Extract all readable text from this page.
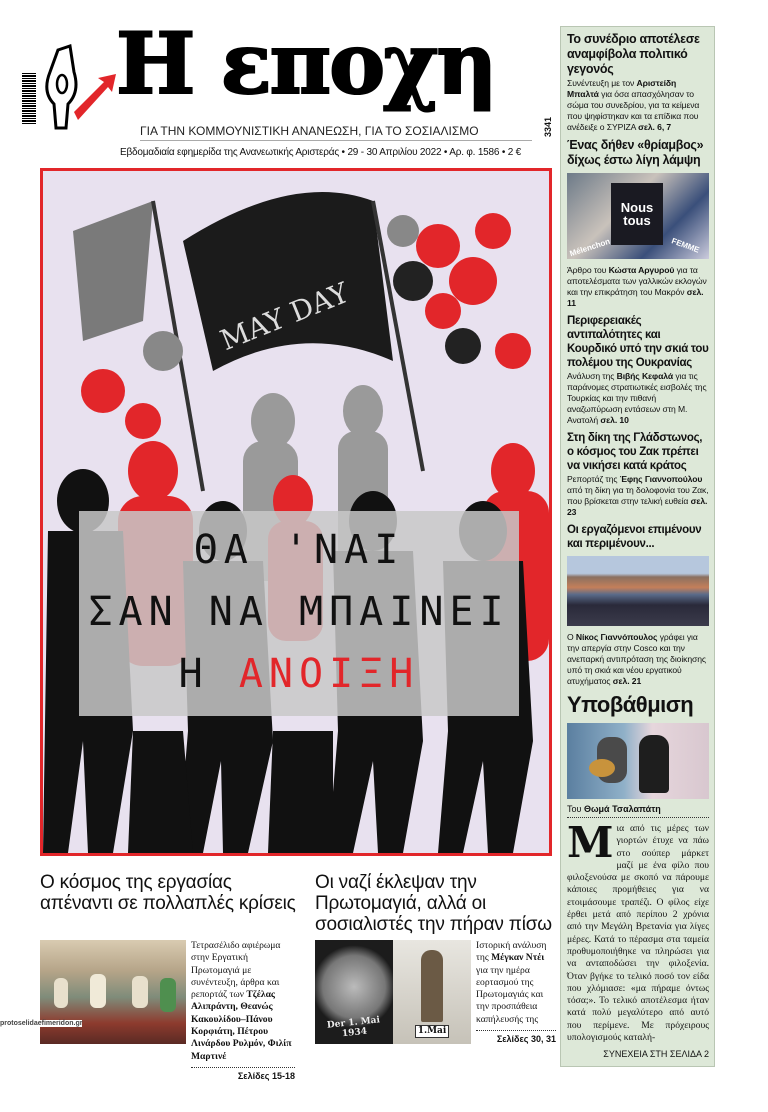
Η εποχη
ΓΙΑ ΤΗΝ ΚΟΜΜΟΥΝΙΣΤΙΚΗ ΑΝΑΝΕΩΣΗ, ΓΙΑ ΤΟ ΣΟΣΙΑΛΙΣΜΟ	3341
Εβδομαδιαία εφημερίδα της Ανανεωτικής Αριστεράς • 29 - 30 Απριλίου 2022 • Αρ. φ. 1586 • 2 €
MAY DAY
ΘΑ 'ΝΑΙ
ΣΑΝ ΝΑ ΜΠΑΙΝΕΙ
Η ΑΝΟΙΞΗ
Το συνέδριο αποτέλεσε αναμφίβολα πολιτικό γεγονός
Συνέντευξη με τον Αριστείδη Μπαλτά για όσα απασχόλησαν το σώμα του συνεδρίου, για τα κείμενα που ψηφίστηκαν και τα επίδικα που ανέδειξε ο ΣΥΡΙΖΑ σελ. 6, 7
Ένας δήθεν «θρίαμβος» δίχως έστω λίγη λάμψη
Nous
tous
Mélenchon	FEMME
Άρθρο του Κώστα Αργυρού για τα αποτελέσματα των γαλλικών εκλογών και την επικράτηση του Μακρόν σελ. 11
Περιφερειακές αντιπαλότητες και Κουρδικό υπό την σκιά του πολέμου της Ουκρανίας
Ανάλυση της Βιβής Κεφαλά για τις παράνομες στρατιωτικές εισβολές της Τουρκίας και την πιθανή αναζωπύρωση εντάσεων στη Μ. Ανατολή σελ. 10
Στη δίκη της Γλάδστωνος, ο κόσμος του Ζακ πρέπει να νικήσει κατά κράτος
Ρεπορτάζ της Έφης Γιαννοπούλου από τη δίκη για τη δολοφονία του Ζακ, που βρίσκεται στην τελική ευθεία σελ. 23
Οι εργαζόμενοι επιμένουν και περιμένουν...
Ο Νίκος Γιαννόπουλος γράφει για την απεργία στην Cosco και την ανεπαρκή αντιπρόταση της διοίκησης υπό τη σκιά και νέου εργατικού ατυχήματος σελ. 21
Υποβάθμιση
Του Θωμά Τσαλαπάτη
Μια από τις μέρες των γιορτών έτυχε να πάω στο σούπερ μάρκετ μαζί με ένα φίλο που φιλοξενούσα με σκοπό να πάρουμε κάποιες προμήθειες για να ετοιμάσουμε τραπέζι. Ο φίλος είχε έρθει μετά από περίπου 2 χρόνια από την Μεγάλη Βρετανία για λίγες μέρες. Κατά το πέρασμα στα ταμεία προθυμοποιήθηκε να πληρώσει για να ανταποδώσει την φιλοξενία. Όταν βγήκε το τελικό ποσό τον είδα που χλόμιασε: «μα πήραμε όντως τόσα;». Το τελικό αποτέλεσμα ήταν κατά πολύ μεγαλύτερο από αυτό που περίμενε. Με πρόχειρους υπολογισμούς καταλή-
ΣΥΝΕΧΕΙΑ ΣΤΗ ΣΕΛΙΔΑ 2
Ο κόσμος της εργασίας απέναντι σε πολλαπλές κρίσεις
Τετρασέλιδο αφιέρωμα στην Εργατική Πρωτομαγιά με συνέντευξη, άρθρα και ρεπορτάζ των Τζέλας Αλιπράντη, Θεανώς Κακουλίδου–Πάνου Κορφιάτη, Πέτρου Λινάρδου Ρυλμόν, Φιλίπ Μαρτινέ
Σελίδες 15-18
Οι ναζί έκλεψαν την Πρωτομαγιά, αλλά οι σοσιαλιστές την πήραν πίσω
Der 1. Mai 1934	1.Mai
Ιστορική ανάλυση της Μέγκαν Ντέι για την ημέρα εορτασμού της Πρωτομαγιάς και την προσπάθεια καπήλευσής της
Σελίδες 30, 31
protoselidaefimeridon.gr
